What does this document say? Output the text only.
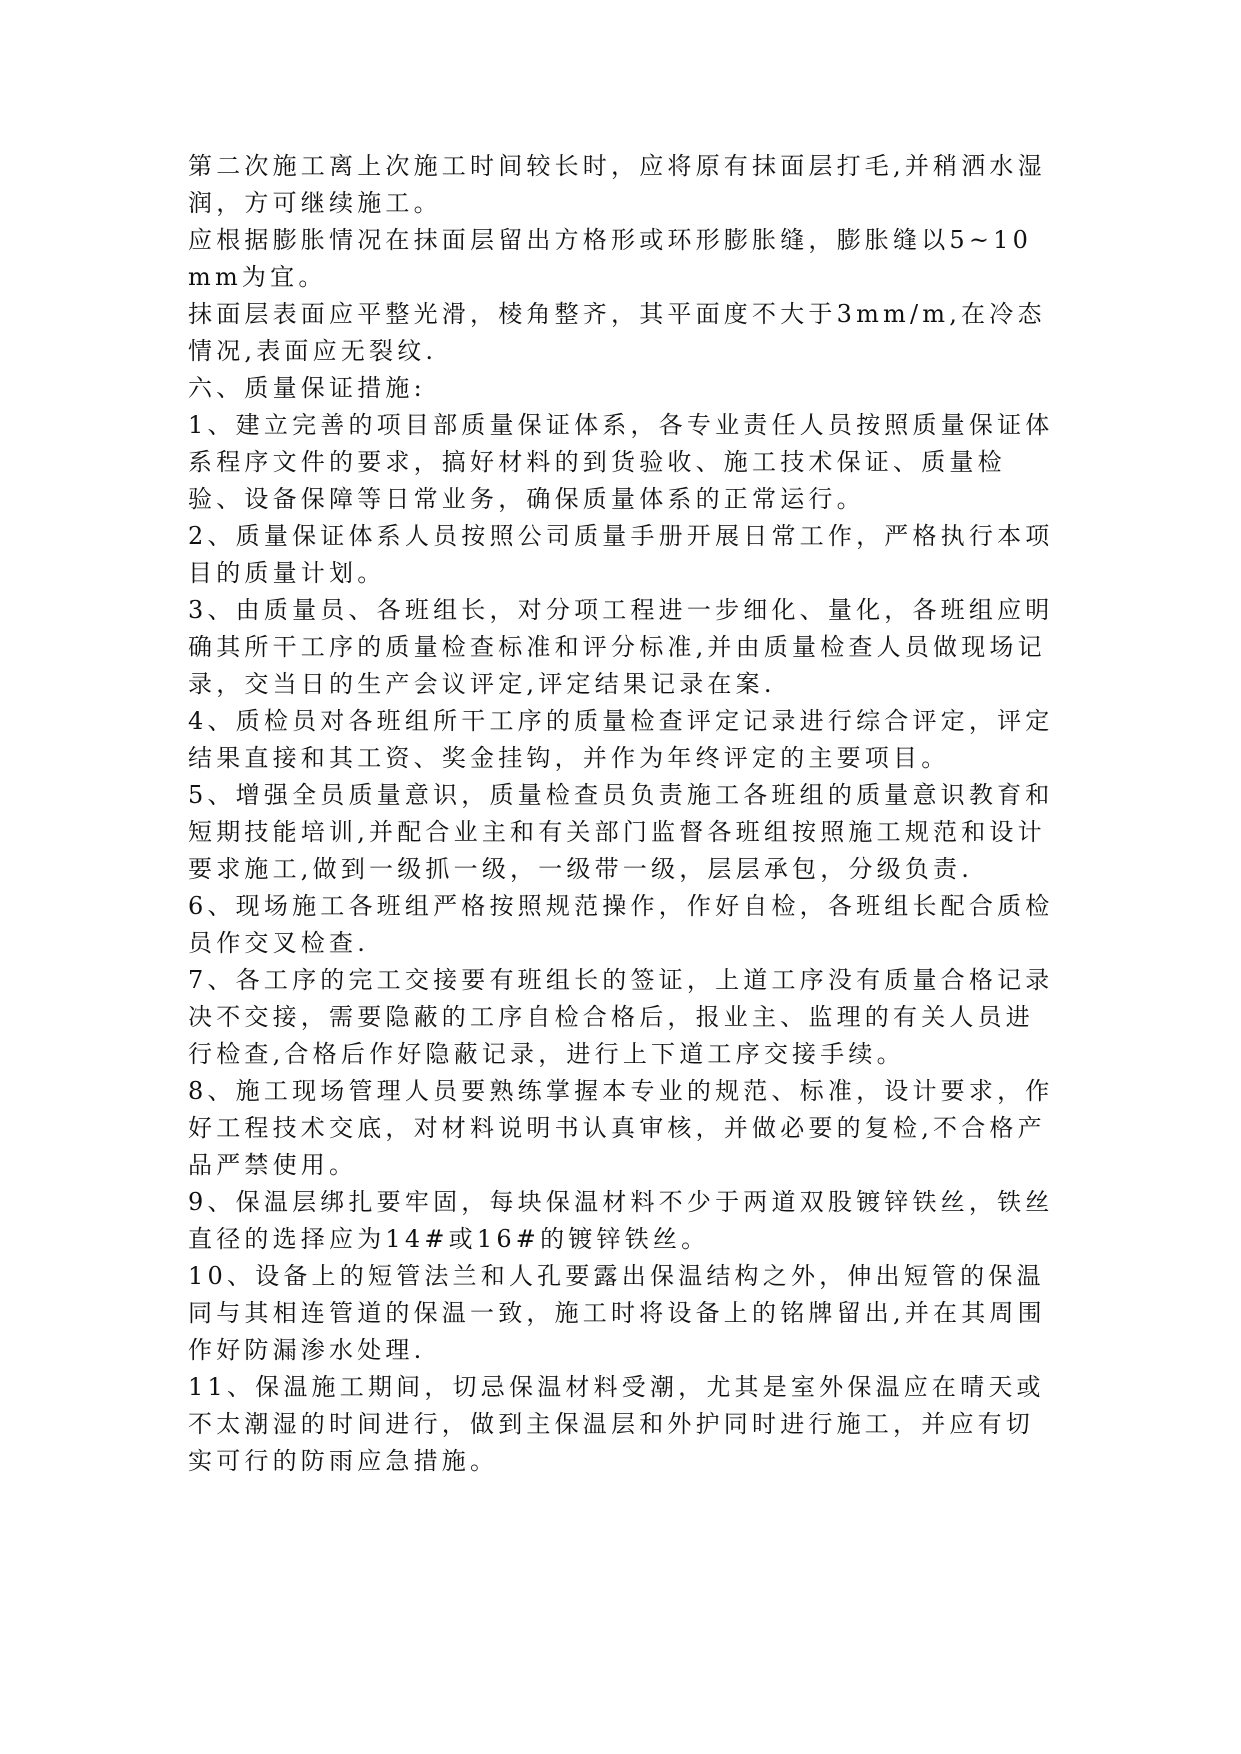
第二次施工离上次施工时间较长时，应将原有抹面层打毛,并稍洒水湿润，方可继续施工。

应根据膨胀情况在抹面层留出方格形或环形膨胀缝，膨胀缝以5~10mm为宜。

抹面层表面应平整光滑，棱角整齐，其平面度不大于3mm/m,在冷态情况,表面应无裂纹.

六、质量保证措施:

1、建立完善的项目部质量保证体系，各专业责任人员按照质量保证体系程序文件的要求，搞好材料的到货验收、施工技术保证、质量检验、设备保障等日常业务，确保质量体系的正常运行。

2、质量保证体系人员按照公司质量手册开展日常工作，严格执行本项目的质量计划。

3、由质量员、各班组长，对分项工程进一步细化、量化，各班组应明确其所干工序的质量检查标准和评分标准,并由质量检查人员做现场记录，交当日的生产会议评定,评定结果记录在案.

4、质检员对各班组所干工序的质量检查评定记录进行综合评定，评定结果直接和其工资、奖金挂钩，并作为年终评定的主要项目。

5、增强全员质量意识，质量检查员负责施工各班组的质量意识教育和短期技能培训,并配合业主和有关部门监督各班组按照施工规范和设计要求施工,做到一级抓一级，一级带一级，层层承包，分级负责.

6、现场施工各班组严格按照规范操作，作好自检，各班组长配合质检员作交叉检查.

7、各工序的完工交接要有班组长的签证，上道工序没有质量合格记录决不交接，需要隐蔽的工序自检合格后，报业主、监理的有关人员进行检查,合格后作好隐蔽记录，进行上下道工序交接手续。

8、施工现场管理人员要熟练掌握本专业的规范、标准，设计要求，作好工程技术交底，对材料说明书认真审核，并做必要的复检,不合格产品严禁使用。

9、保温层绑扎要牢固，每块保温材料不少于两道双股镀锌铁丝，铁丝直径的选择应为14#或16#的镀锌铁丝。

10、设备上的短管法兰和人孔要露出保温结构之外，伸出短管的保温同与其相连管道的保温一致，施工时将设备上的铭牌留出,并在其周围作好防漏渗水处理.

11、保温施工期间，切忌保温材料受潮，尤其是室外保温应在晴天或不太潮湿的时间进行，做到主保温层和外护同时进行施工，并应有切实可行的防雨应急措施。
